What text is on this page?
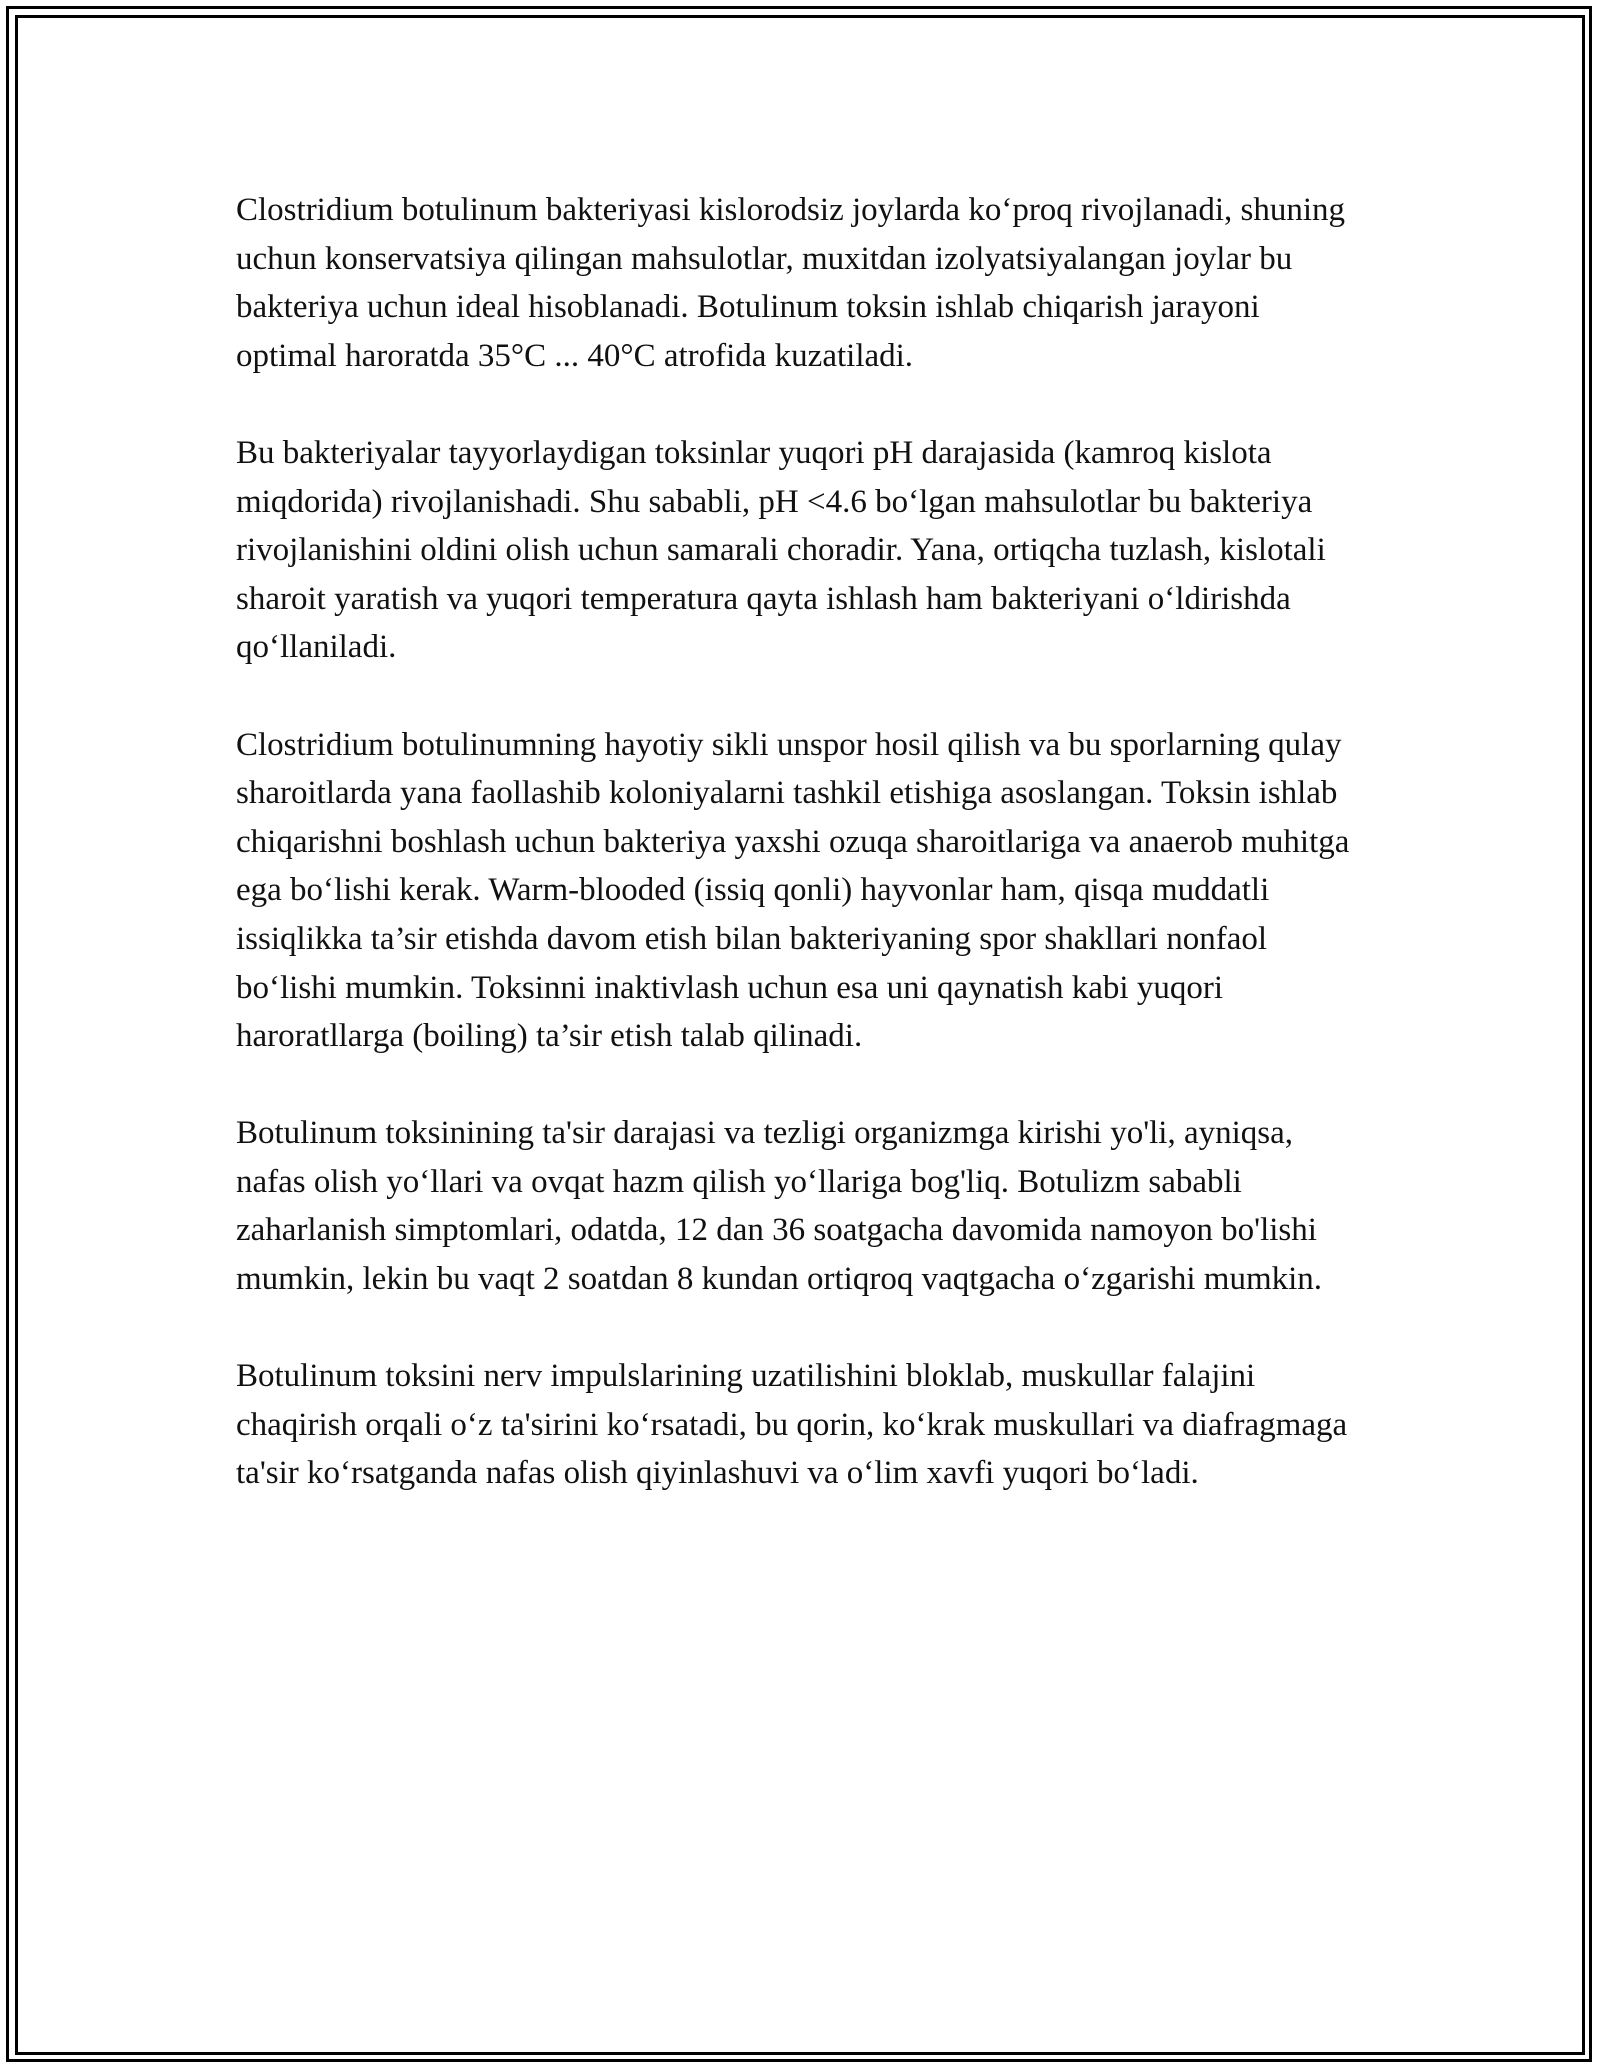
Clostridium botulinum bakteriyasi kislorodsiz joylarda ko‘proq rivojlanadi, shuning uchun konservatsiya qilingan mahsulotlar, muxitdan izolyatsiyalangan joylar bu bakteriya uchun ideal hisoblanadi. Botulinum toksin ishlab chiqarish jarayoni optimal haroratda 35°C ... 40°C atrofida kuzatiladi.

Bu bakteriyalar tayyorlaydigan toksinlar yuqori pH darajasida (kamroq kislota miqdorida) rivojlanishadi. Shu sababli, pH <4.6 bo‘lgan mahsulotlar bu bakteriya rivojlanishini oldini olish uchun samarali choradir. Yana, ortiqcha tuzlash, kislotali sharoit yaratish va yuqori temperatura qayta ishlash ham bakteriyani o‘ldirishda qo‘llaniladi.

Clostridium botulinumning hayotiy sikli unspor hosil qilish va bu sporlarning qulay sharoitlarda yana faollashib koloniyalarni tashkil etishiga asoslangan. Toksin ishlab chiqarishni boshlash uchun bakteriya yaxshi ozuqa sharoitlariga va anaerob muhitga ega bo‘lishi kerak. Warm-blooded (issiq qonli) hayvonlar ham, qisqa muddatli issiqlikka ta’sir etishda davom etish bilan bakteriyaning spor shakllari nonfaol bo‘lishi mumkin. Toksinni inaktivlash uchun esa uni qaynatish kabi yuqori haroratllarga (boiling) ta’sir etish talab qilinadi.

Botulinum toksinining ta'sir darajasi va tezligi organizmga kirishi yo'li, ayniqsa, nafas olish yo‘llari va ovqat hazm qilish yo‘llariga bog'liq. Botulizm sababli zaharlanish simptomlari, odatda, 12 dan 36 soatgacha davomida namoyon bo'lishi mumkin, lekin bu vaqt 2 soatdan 8 kundan ortiqroq vaqtgacha o‘zgarishi mumkin.

Botulinum toksini nerv impulslarining uzatilishini bloklab, muskullar falajini chaqirish orqali o‘z ta'sirini ko‘rsatadi, bu qorin, ko‘krak muskullari va diafragmaga ta'sir ko‘rsatganda nafas olish qiyinlashuvi va o‘lim xavfi yuqori bo‘ladi.
